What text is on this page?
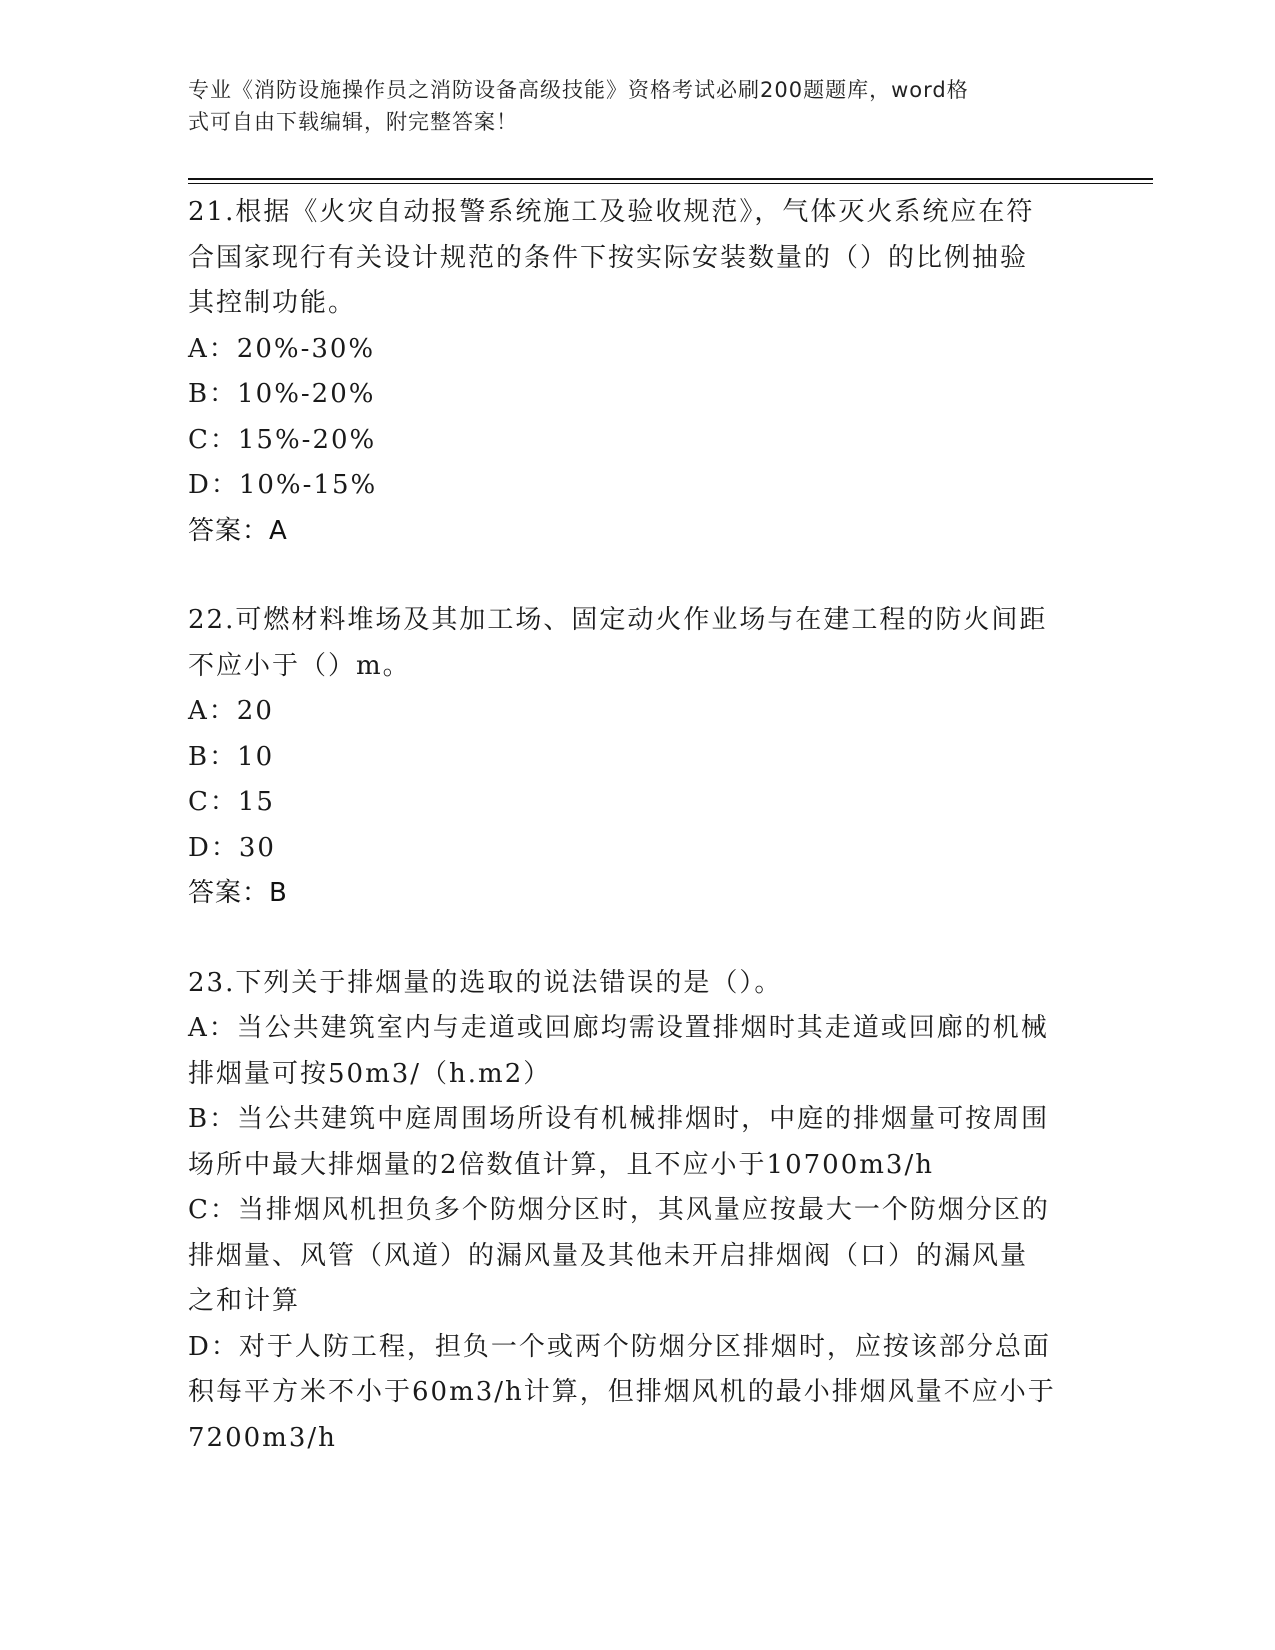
专业《消防设施操作员之消防设备高级技能》资格考试必刷200题题库，word格
式可自由下载编辑，附完整答案！
21.根据《火灾自动报警系统施工及验收规范》，气体灭火系统应在符
合国家现行有关设计规范的条件下按实际安装数量的（）的比例抽验
其控制功能。
A：20%-30%
B：10%-20%
C：15%-20%
D：10%-15%
答案：A
22.可燃材料堆场及其加工场、固定动火作业场与在建工程的防火间距
不应小于（）m。
A：20
B：10
C：15
D：30
答案：B
23.下列关于排烟量的选取的说法错误的是（）。
A：当公共建筑室内与走道或回廊均需设置排烟时其走道或回廊的机械
排烟量可按50m3/（h.m2）
B：当公共建筑中庭周围场所设有机械排烟时，中庭的排烟量可按周围
场所中最大排烟量的2倍数值计算，且不应小于10700m3/h
C：当排烟风机担负多个防烟分区时，其风量应按最大一个防烟分区的
排烟量、风管（风道）的漏风量及其他未开启排烟阀（口）的漏风量
之和计算
D：对于人防工程，担负一个或两个防烟分区排烟时，应按该部分总面
积每平方米不小于60m3/h计算，但排烟风机的最小排烟风量不应小于
7200m3/h
